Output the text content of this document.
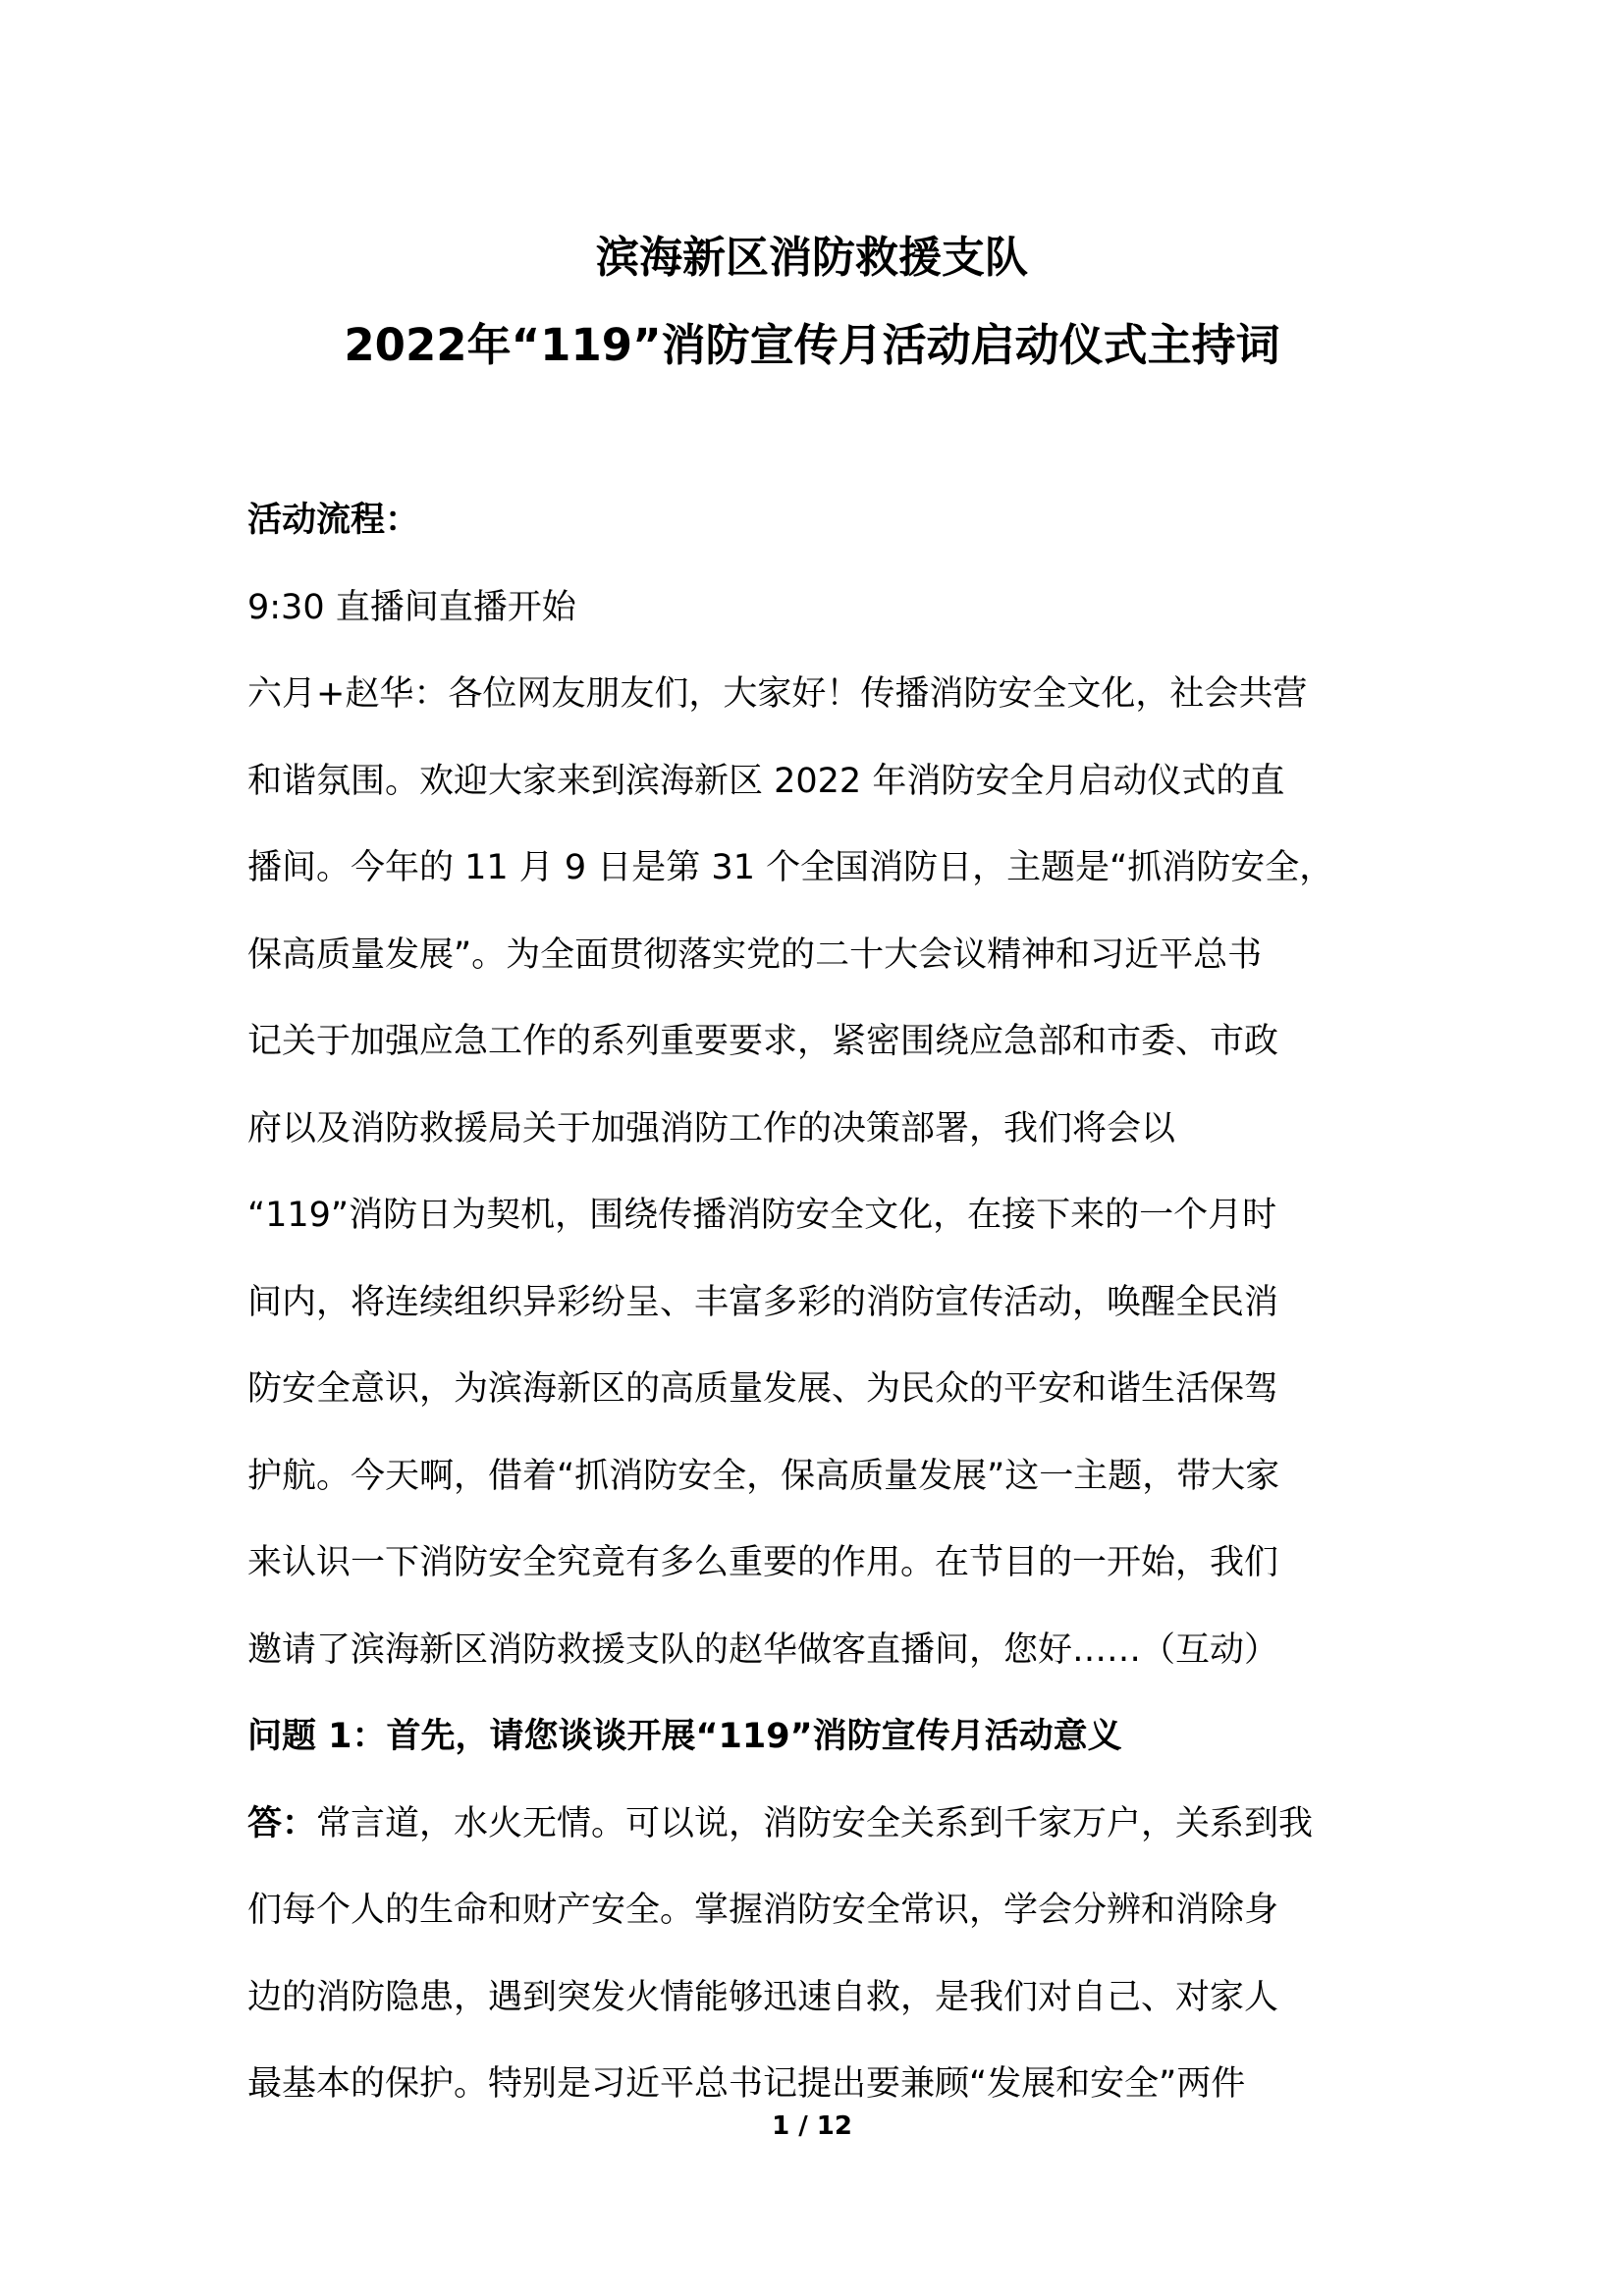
滨海新区消防救援支队
2022年“119”消防宣传月活动启动仪式主持词
活动流程：
9:30 直播间直播开始
六月+赵华：各位网友朋友们，大家好！传播消防安全文化，社会共营
和谐氛围。欢迎大家来到滨海新区 2022 年消防安全月启动仪式的直
播间。今年的 11 月 9 日是第 31 个全国消防日，主题是“抓消防安全，
保高质量发展”。为全面贯彻落实党的二十大会议精神和习近平总书
记关于加强应急工作的系列重要要求，紧密围绕应急部和市委、市政
府以及消防救援局关于加强消防工作的决策部署，我们将会以
“119”消防日为契机，围绕传播消防安全文化，在接下来的一个月时
间内，将连续组织异彩纷呈、丰富多彩的消防宣传活动，唤醒全民消
防安全意识，为滨海新区的高质量发展、为民众的平安和谐生活保驾
护航。今天啊，借着“抓消防安全，保高质量发展”这一主题，带大家
来认识一下消防安全究竟有多么重要的作用。在节目的一开始，我们
邀请了滨海新区消防救援支队的赵华做客直播间，您好……（互动）
问题 1：首先，请您谈谈开展“119”消防宣传月活动意义
答：常言道，水火无情。可以说，消防安全关系到千家万户，关系到我
们每个人的生命和财产安全。掌握消防安全常识，学会分辨和消除身
边的消防隐患，遇到突发火情能够迅速自救，是我们对自己、对家人
最基本的保护。特别是习近平总书记提出要兼顾“发展和安全”两件
1 / 12
